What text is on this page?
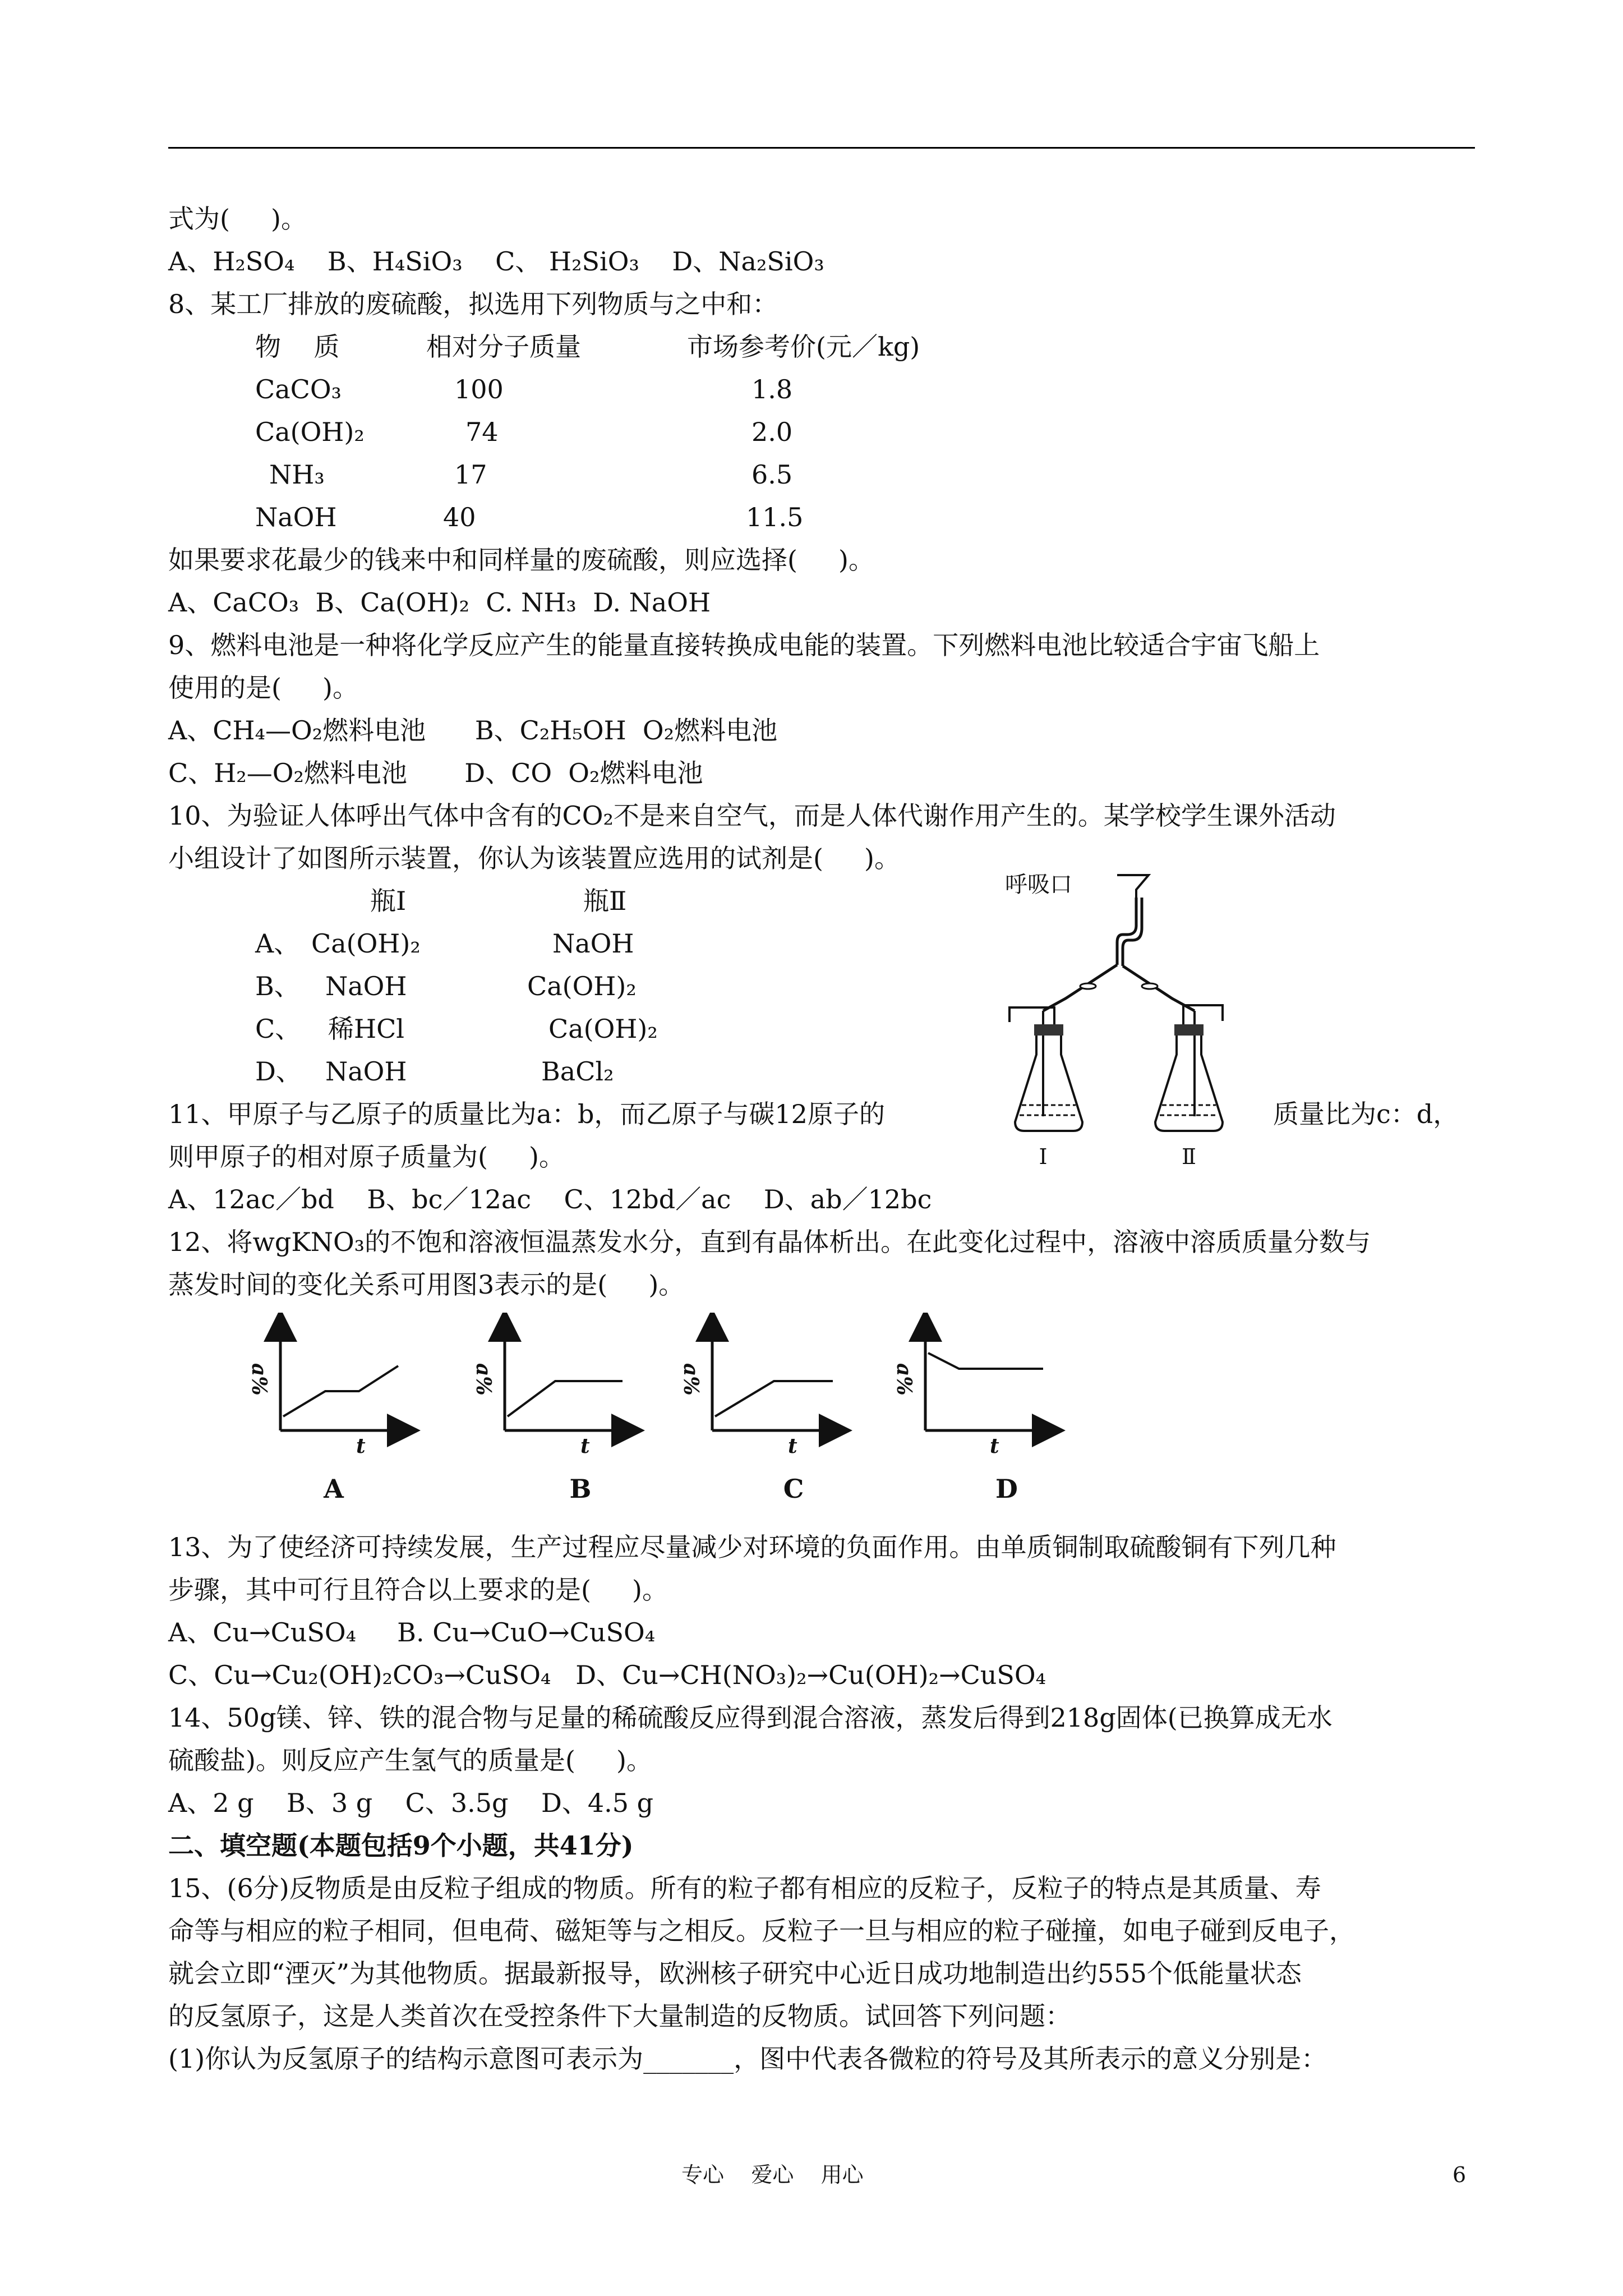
式为(     )。
A、H₂SO₄    B、H₄SiO₃    C、 H₂SiO₃    D、Na₂SiO₃
8、某工厂排放的废硫酸，拟选用下列物质与之中和：
物    质	相对分子质量	市场参考价(元／kg)
CaCO₃	100	1.8
Ca(OH)₂	74	2.0
NH₃	17	6.5
NaOH	40	11.5
如果要求花最少的钱来中和同样量的废硫酸，则应选择(     )。
A、CaCO₃  B、Ca(OH)₂  C. NH₃  D. NaOH
9、燃料电池是一种将化学反应产生的能量直接转换成电能的装置。下列燃料电池比较适合宇宙飞船上
使用的是(     )。
A、CH₄—O₂燃料电池      B、C₂H₅OH  O₂燃料电池
C、H₂—O₂燃料电池       D、CO  O₂燃料电池
10、为验证人体呼出气体中含有的CO₂不是来自空气，而是人体代谢作用产生的。某学校学生课外活动
小组设计了如图所示装置，你认为该装置应选用的试剂是(     )。
瓶Ⅰ	瓶Ⅱ
A、 Ca(OH)₂	NaOH
B、 NaOH	Ca(OH)₂
C、 稀HCl	Ca(OH)₂
D、 NaOH	BaCl₂
呼吸口
Ⅰ	Ⅱ
11、甲原子与乙原子的质量比为a：b，而乙原子与碳12原子的	质量比为c：d，
则甲原子的相对原子质量为(     )。
A、12ac／bd    B、bc／12ac    C、12bd／ac    D、ab／12bc
12、将wgKNO₃的不饱和溶液恒温蒸发水分，直到有晶体析出。在此变化过程中，溶液中溶质质量分数与
蒸发时间的变化关系可用图3表示的是(     )。
a%
t
A
a%
t
B
a%
t
C
a%
t
D
13、为了使经济可持续发展，生产过程应尽量减少对环境的负面作用。由单质铜制取硫酸铜有下列几种
步骤，其中可行且符合以上要求的是(     )。
A、Cu→CuSO₄     B. Cu→CuO→CuSO₄
C、Cu→Cu₂(OH)₂CO₃→CuSO₄   D、Cu→CH(NO₃)₂→Cu(OH)₂→CuSO₄
14、50g镁、锌、铁的混合物与足量的稀硫酸反应得到混合溶液，蒸发后得到218g固体(已换算成无水
硫酸盐)。则反应产生氢气的质量是(     )。
A、2 g    B、3 g    C、3.5g    D、4.5 g
二、填空题(本题包括9个小题，共41分)
15、(6分)反物质是由反粒子组成的物质。所有的粒子都有相应的反粒子，反粒子的特点是其质量、寿
命等与相应的粒子相同，但电荷、磁矩等与之相反。反粒子一旦与相应的粒子碰撞，如电子碰到反电子，
就会立即“湮灭”为其他物质。据最新报导，欧洲核子研究中心近日成功地制造出约555个低能量状态
的反氢原子，这是人类首次在受控条件下大量制造的反物质。试回答下列问题：
(1)你认为反氢原子的结构示意图可表示为_______，图中代表各微粒的符号及其所表示的意义分别是：
专心    爱心    用心	6
